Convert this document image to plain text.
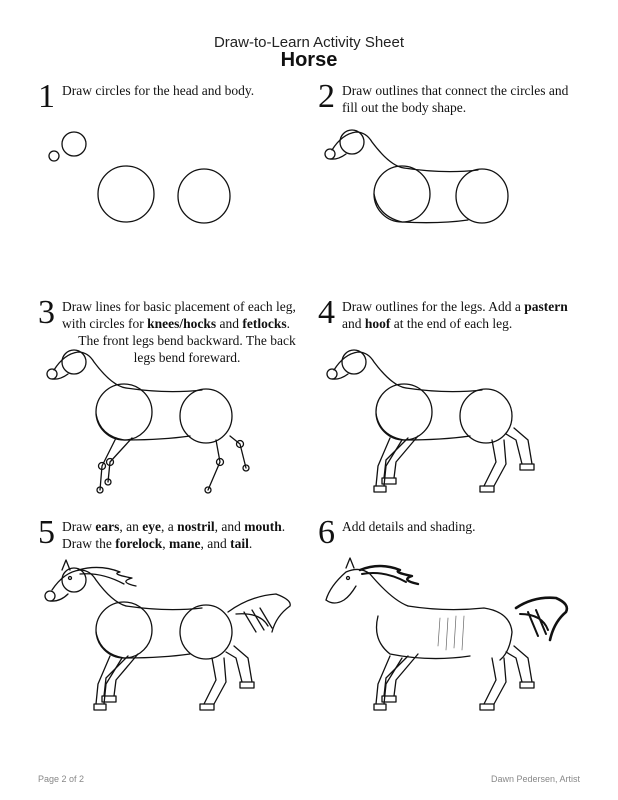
Draw-to-Learn Activity Sheet
Horse
1 Draw circles for the head and body. 2 Draw outlines that connect the circles and
fill out the body shape.
3 Draw lines for basic placement of each leg,
with circles for knees/hocks and fetlocks.
The front legs bend backward. The back
legs bend foreward.
4 Draw outlines for the legs. Add a pastern
and hoof at the end of each leg.
5 Draw ears, an eye, a nostril, and mouth.
Draw the forelock, mane, and tail.	6 Add details and shading.
Page 2 of 2	Dawn Pedersen, Artist
